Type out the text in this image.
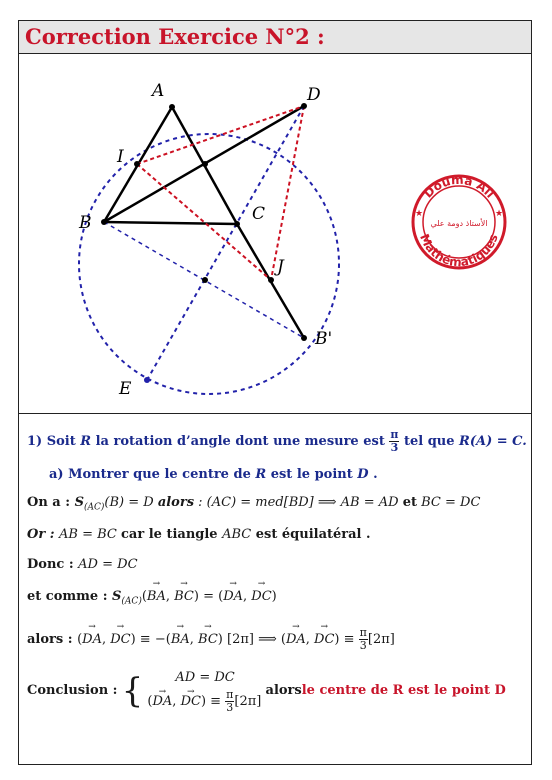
Correction Exercice N°2 :
A	D
I
B	C
J
B'
E
Douma Ali
Mathématiques
الأستاذ دومة علي
★	★
1) Soit R la rotation d’angle dont une mesure est $\frac{\pi}{3}$ tel que R(A) = C.
a) Montrer que le centre de R est le point D .
On a : $S_{(AC)}(B) = D$ alors : (AC) = med[BD] ⟹ AB = AD et BC = DC
Or : AB = BC car le tiangle ABC est équilatéral .
Donc : AD = DC
et comme : $S_{(AC)}(BA$ →, BC →) = (DA →, DC →)
alors : (DA →, DC →) ≡ −(BA →, BC →) [2π] ⟹ (DA →, DC →) ≡ $\frac{\pi}{3} [2\pi]$
Conclusion : {	AD = DC
(DA →, DC →) ≡ $\frac{\pi}{3} [2\pi]$
alorsle centre de R est le point D
